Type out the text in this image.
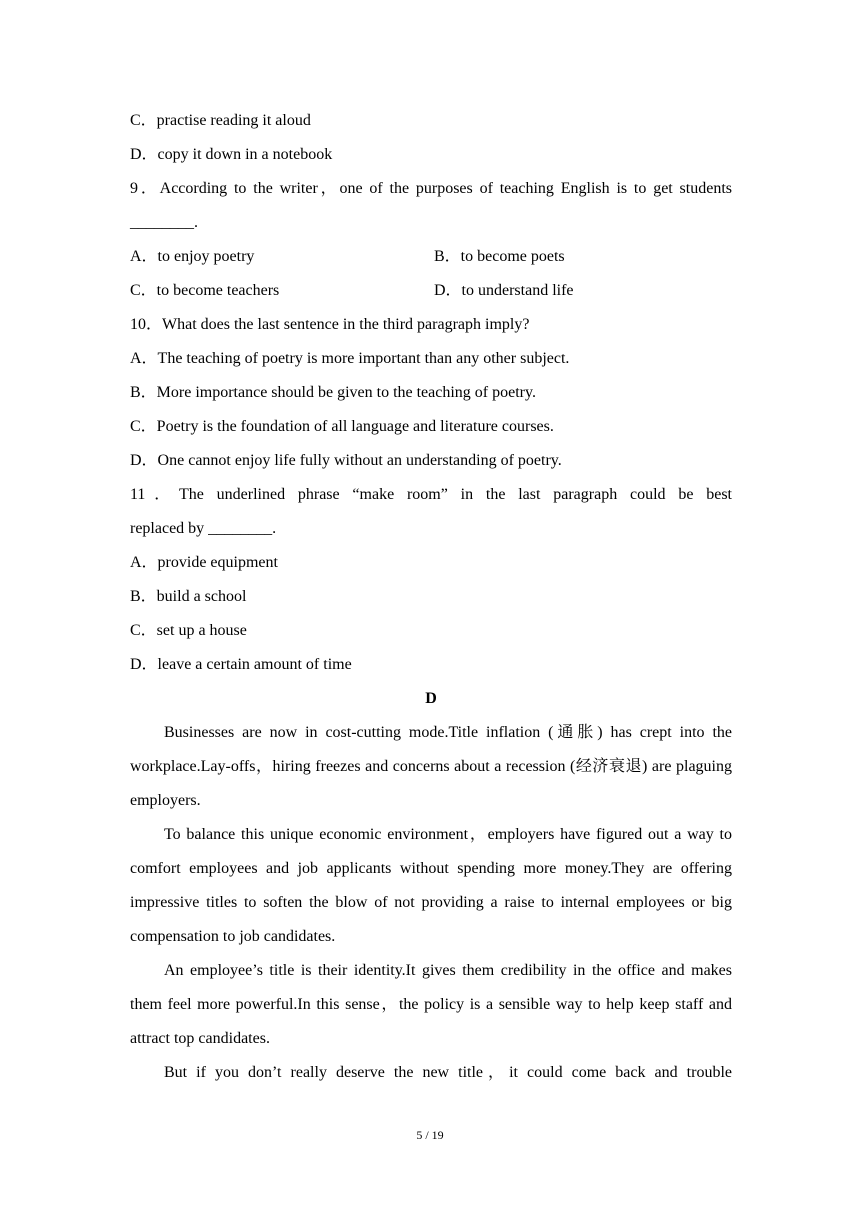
C．practise reading it aloud
D．copy it down in a notebook
9．According to the writer，one of the purposes of teaching English is to get students
________.
A．to enjoy poetry	B．to become poets
C．to become teachers	D．to understand life
10．What does the last sentence in the third paragraph imply?
A．The teaching of poetry is more important than any other subject.
B．More importance should be given to the teaching of poetry.
C．Poetry is the foundation of all language and literature courses.
D．One cannot enjoy life fully without an understanding of poetry.
11．The underlined phrase “make room” in the last paragraph could be best
replaced by ________.
A．provide equipment
B．build a school
C．set up a house
D．leave a certain amount of time
D
Businesses are now in cost-cutting mode.Title inflation (通胀) has crept into the workplace.Lay-offs，hiring freezes and concerns about a recession (经济衰退) are plaguing employers.
To balance this unique economic environment，employers have figured out a way to comfort employees and job applicants without spending more money.They are offering impressive titles to soften the blow of not providing a raise to internal employees or big compensation to job candidates.
An employee’s title is their identity.It gives them credibility in the office and makes them feel more powerful.In this sense，the policy is a sensible way to help keep staff and attract top candidates.
But if you don’t really deserve the new title，it could come back and trouble
5 / 19
